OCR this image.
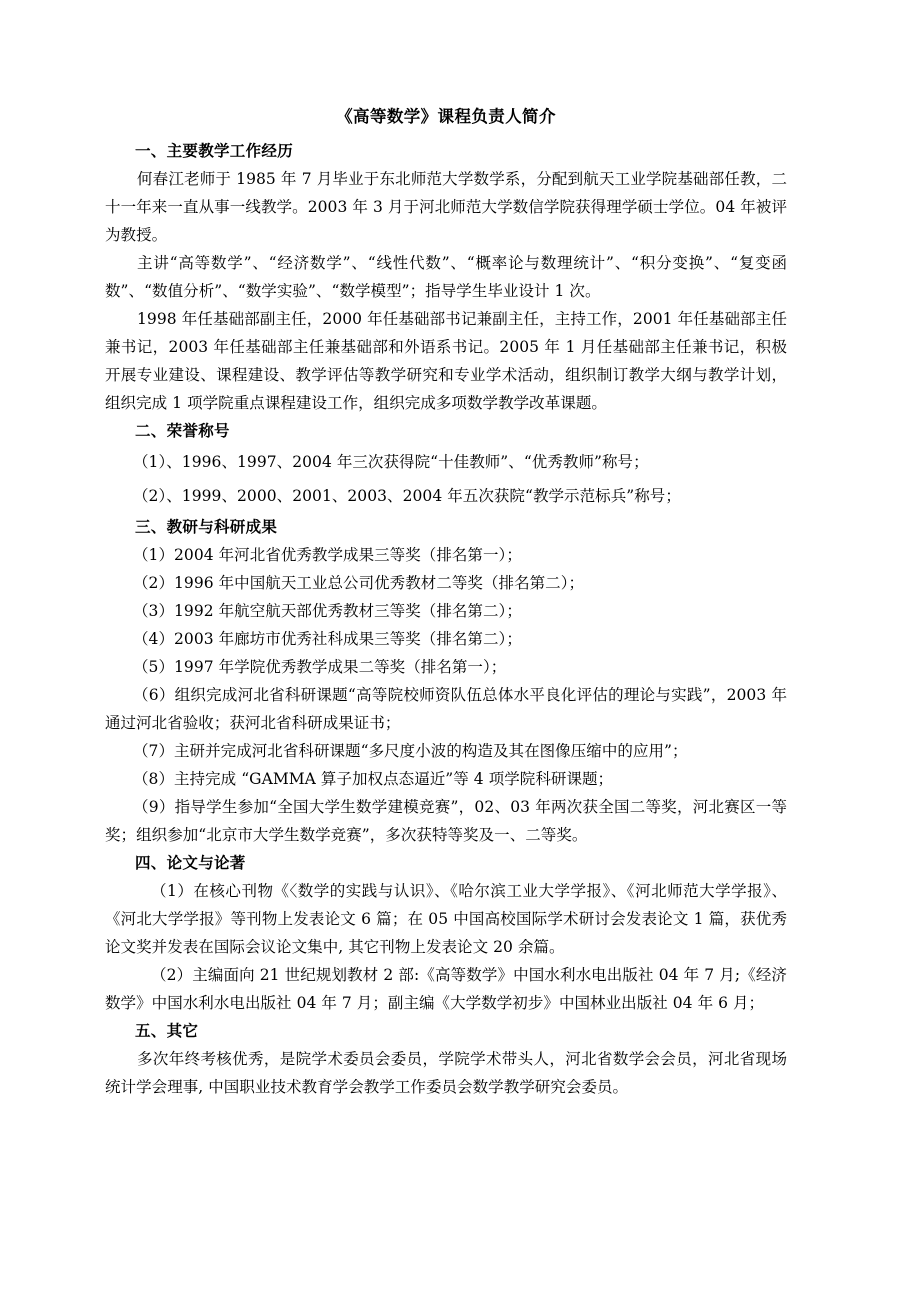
《高等数学》课程负责人简介
一、主要教学工作经历

何春江老师于 1985 年 7 月毕业于东北师范大学数学系，分配到航天工业学院基础部任教，二十一年来一直从事一线教学。2003 年 3 月于河北师范大学数信学院获得理学硕士学位。04 年被评为教授。

主讲“高等数学”、“经济数学”、“线性代数”、“概率论与数理统计”、“积分变换”、“复变函数”、“数值分析”、“数学实验”、“数学模型”；指导学生毕业设计 1 次。

1998 年任基础部副主任，2000 年任基础部书记兼副主任，主持工作，2001 年任基础部主任兼书记，2003 年任基础部主任兼基础部和外语系书记。2005 年 1 月任基础部主任兼书记，积极开展专业建设、课程建设、教学评估等教学研究和专业学术活动，组织制订教学大纲与教学计划，组织完成 1 项学院重点课程建设工作，组织完成多项数学教学改革课题。

二、荣誉称号

（1）、1996、1997、2004 年三次获得院“十佳教师”、“优秀教师”称号；

（2）、1999、2000、2001、2003、2004 年五次获院“教学示范标兵”称号；

三、教研与科研成果

（1）2004 年河北省优秀教学成果三等奖（排名第一）；

（2）1996 年中国航天工业总公司优秀教材二等奖（排名第二）；

（3）1992 年航空航天部优秀教材三等奖（排名第二）；

（4）2003 年廊坊市优秀社科成果三等奖（排名第二）；

（5）1997 年学院优秀教学成果二等奖（排名第一）；

（6）组织完成河北省科研课题“高等院校师资队伍总体水平良化评估的理论与实践”，2003 年通过河北省验收；获河北省科研成果证书；

（7）主研并完成河北省科研课题“多尺度小波的构造及其在图像压缩中的应用”；

（8）主持完成 “GAMMA 算子加权点态逼近”等 4 项学院科研课题；

（9）指导学生参加“全国大学生数学建模竞赛”，02、03 年两次获全国二等奖，河北赛区一等奖；组织参加“北京市大学生数学竞赛”，多次获特等奖及一、二等奖。

四、论文与论著

（1）在核心刊物《〈数学的实践与认识》、《哈尔滨工业大学学报》、《河北师范大学学报》、《河北大学学报》等刊物上发表论文 6 篇；在 05 中国高校国际学术研讨会发表论文 1 篇，获优秀论文奖并发表在国际会议论文集中, 其它刊物上发表论文 20 余篇。

（2）主编面向 21 世纪规划教材 2 部:《高等数学》中国水利水电出版社 04 年 7 月;《经济数学》中国水利水电出版社 04 年 7 月；副主编《大学数学初步》中国林业出版社 04 年 6 月；

五、其它

多次年终考核优秀，是院学术委员会委员，学院学术带头人，河北省数学会会员，河北省现场统计学会理事, 中国职业技术教育学会教学工作委员会数学教学研究会委员。
